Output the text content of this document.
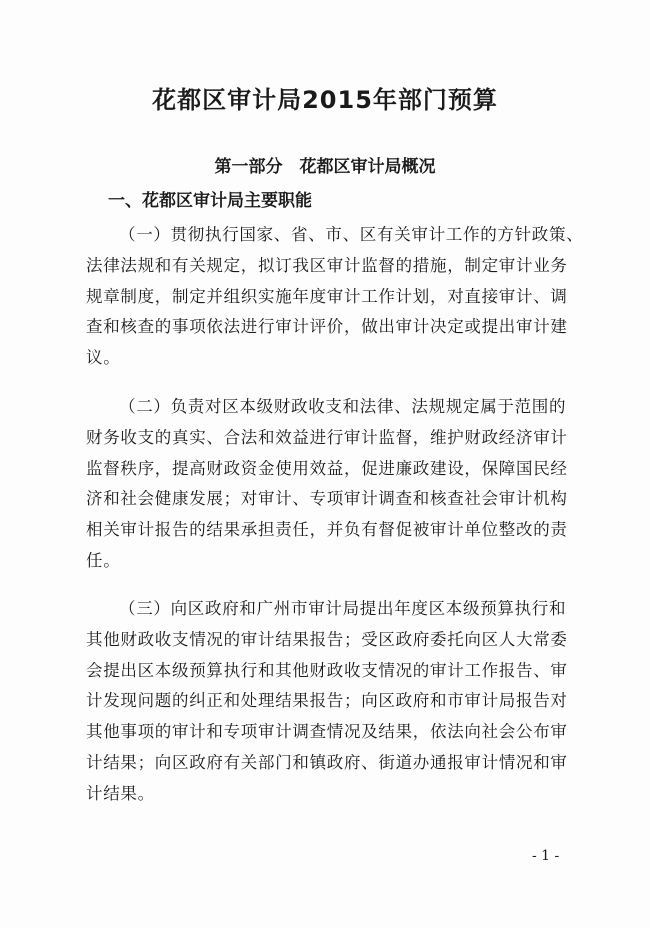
花都区审计局2015年部门预算
第一部分　花都区审计局概况
一、花都区审计局主要职能
（一）贯彻执行国家、省、市、区有关审计工作的方针政策、
法律法规和有关规定，拟订我区审计监督的措施，制定审计业务
规章制度，制定并组织实施年度审计工作计划，对直接审计、调
查和核查的事项依法进行审计评价，做出审计决定或提出审计建
议。
（二）负责对区本级财政收支和法律、法规规定属于范围的
财务收支的真实、合法和效益进行审计监督，维护财政经济审计
监督秩序，提高财政资金使用效益，促进廉政建设，保障国民经
济和社会健康发展；对审计、专项审计调查和核查社会审计机构
相关审计报告的结果承担责任，并负有督促被审计单位整改的责
任。
（三）向区政府和广州市审计局提出年度区本级预算执行和
其他财政收支情况的审计结果报告；受区政府委托向区人大常委
会提出区本级预算执行和其他财政收支情况的审计工作报告、审
计发现问题的纠正和处理结果报告；向区政府和市审计局报告对
其他事项的审计和专项审计调查情况及结果，依法向社会公布审
计结果；向区政府有关部门和镇政府、街道办通报审计情况和审
计结果。
- 1 -
